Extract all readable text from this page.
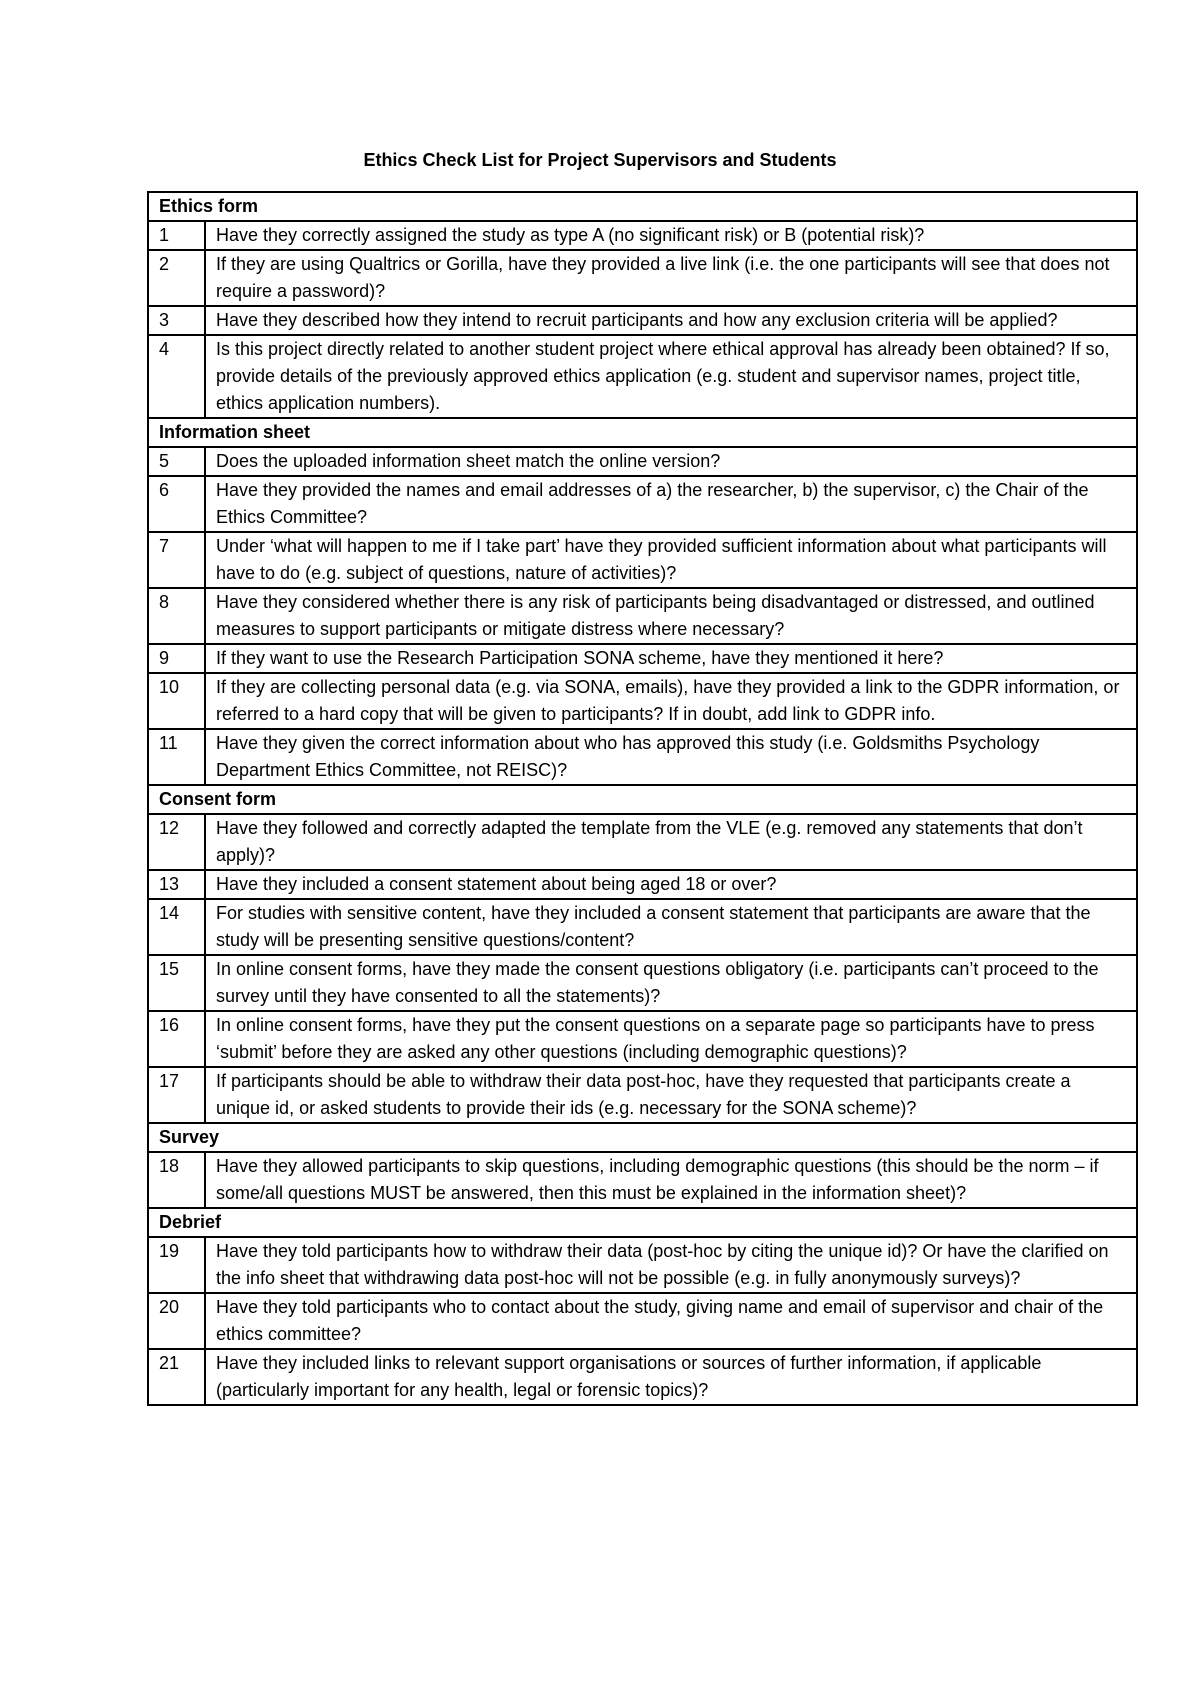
Ethics Check List for Project Supervisors and Students
Ethics form	
1	Have they correctly assigned the study as type A (no significant risk) or B (potential risk)?
2	If they are using Qualtrics or Gorilla, have they provided a live link (i.e. the one participants will see that does not require a password)?
3	Have they described how they intend to recruit participants and how any exclusion criteria will be applied?
4	Is this project directly related to another student project where ethical approval has already been obtained? If so, provide details of the previously approved ethics application (e.g. student and supervisor names, project title, ethics application numbers).
Information sheet	
5	Does the uploaded information sheet match the online version?
6	Have they provided the names and email addresses of a) the researcher, b) the supervisor, c) the Chair of the Ethics Committee?
7	Under ‘what will happen to me if I take part’ have they provided sufficient information about what participants will have to do (e.g. subject of questions, nature of activities)?
8	Have they considered whether there is any risk of participants being disadvantaged or distressed, and outlined measures to support participants or mitigate distress where necessary?
9	If they want to use the Research Participation SONA scheme, have they mentioned it here?
10	If they are collecting personal data (e.g. via SONA, emails), have they provided a link to the GDPR information, or referred to a hard copy that will be given to participants? If in doubt, add link to GDPR info.
11	Have they given the correct information about who has approved this study (i.e. Goldsmiths Psychology Department Ethics Committee, not REISC)?
Consent form	
12	Have they followed and correctly adapted the template from the VLE (e.g. removed any statements that don’t apply)?
13	Have they included a consent statement about being aged 18 or over?
14	For studies with sensitive content, have they included a consent statement that participants are aware that the study will be presenting sensitive questions/content?
15	In online consent forms, have they made the consent questions obligatory (i.e. participants can’t proceed to the survey until they have consented to all the statements)?
16	In online consent forms, have they put the consent questions on a separate page so participants have to press ‘submit’ before they are asked any other questions (including demographic questions)?
17	If participants should be able to withdraw their data post-hoc, have they requested that participants create a unique id, or asked students to provide their ids (e.g. necessary for the SONA scheme)?
Survey	
18	Have they allowed participants to skip questions, including demographic questions (this should be the norm – if some/all questions MUST be answered, then this must be explained in the information sheet)?
Debrief	
19	Have they told participants how to withdraw their data (post-hoc by citing the unique id)? Or have the clarified on the info sheet that withdrawing data post-hoc will not be possible (e.g. in fully anonymously surveys)?
20	Have they told participants who to contact about the study, giving name and email of supervisor and chair of the ethics committee?
21	Have they included links to relevant support organisations or sources of further information, if applicable (particularly important for any health, legal or forensic topics)?
